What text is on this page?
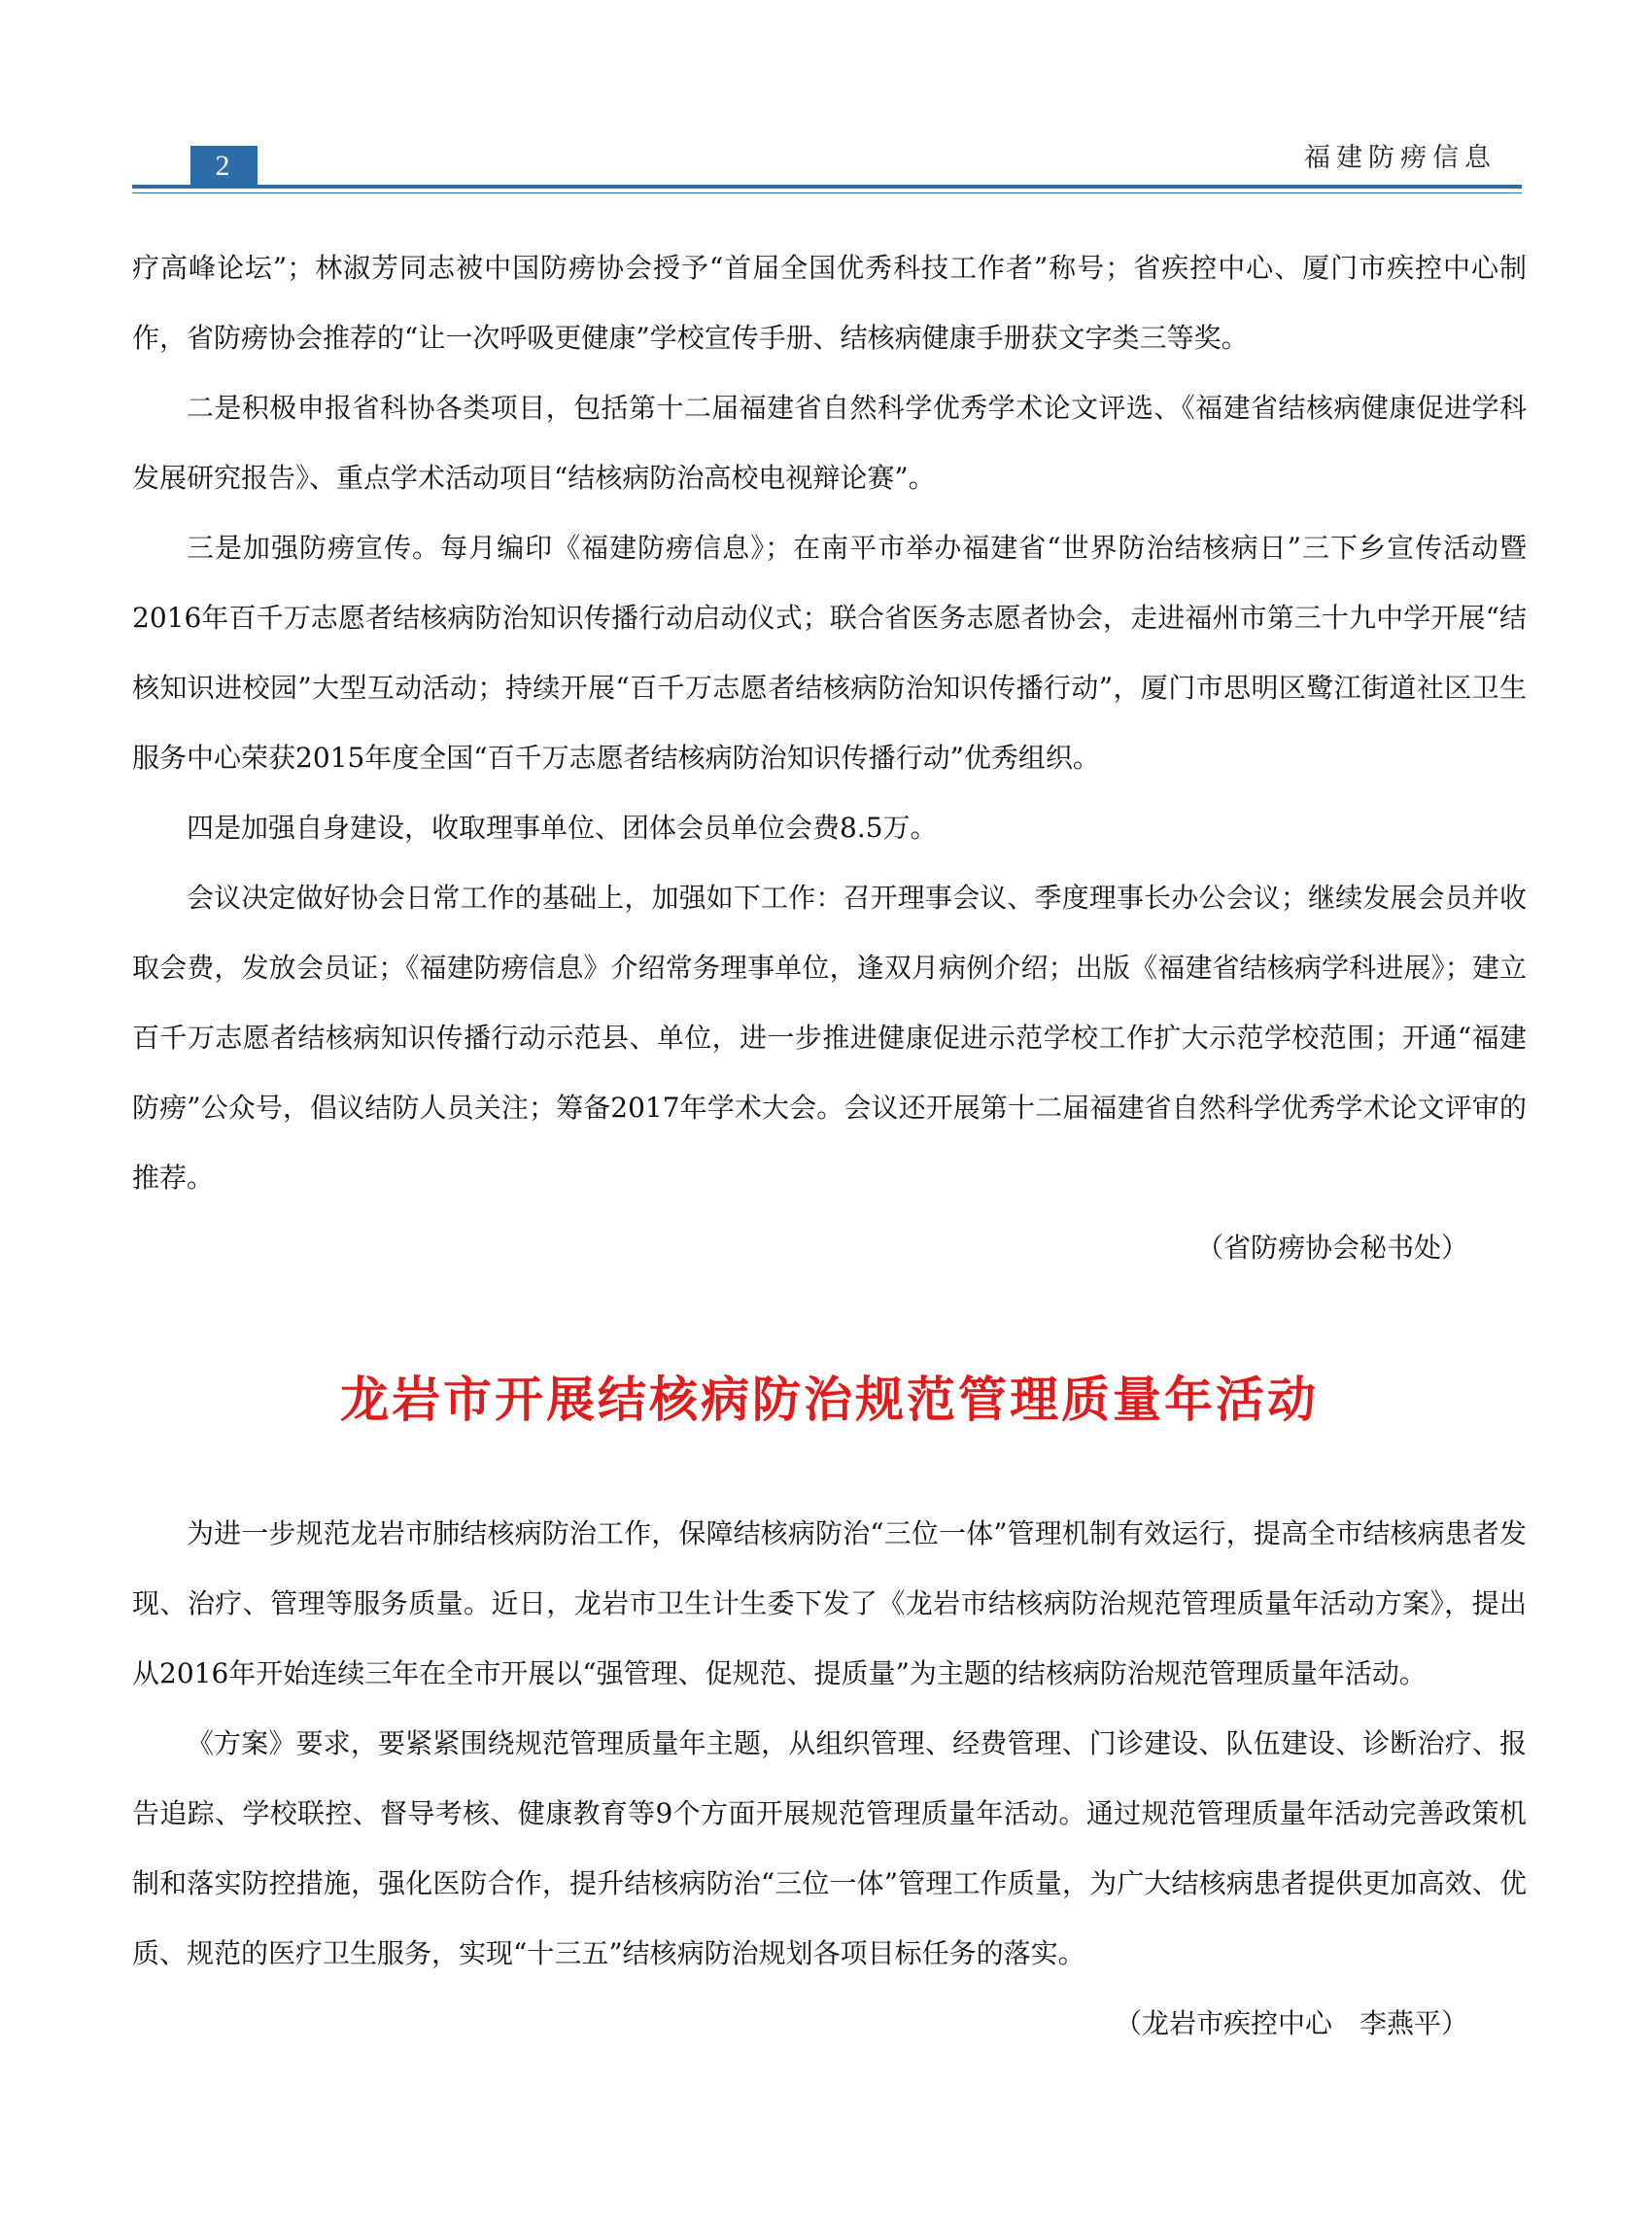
2	福建防痨信息

疗高峰论坛”；林淑芳同志被中国防痨协会授予“首届全国优秀科技工作者”称号；省疾控中心、厦门市疾控中心制作，省防痨协会推荐的“让一次呼吸更健康”学校宣传手册、结核病健康手册获文字类三等奖。

二是积极申报省科协各类项目，包括第十二届福建省自然科学优秀学术论文评选、《福建省结核病健康促进学科发展研究报告》、重点学术活动项目“结核病防治高校电视辩论赛”。

三是加强防痨宣传。每月编印《福建防痨信息》；在南平市举办福建省“世界防治结核病日”三下乡宣传活动暨2016年百千万志愿者结核病防治知识传播行动启动仪式；联合省医务志愿者协会，走进福州市第三十九中学开展“结核知识进校园”大型互动活动；持续开展“百千万志愿者结核病防治知识传播行动”，厦门市思明区鹭江街道社区卫生服务中心荣获2015年度全国“百千万志愿者结核病防治知识传播行动”优秀组织。

四是加强自身建设，收取理事单位、团体会员单位会费8.5万。

会议决定做好协会日常工作的基础上，加强如下工作：召开理事会议、季度理事长办公会议；继续发展会员并收取会费，发放会员证；《福建防痨信息》介绍常务理事单位，逢双月病例介绍；出版《福建省结核病学科进展》；建立百千万志愿者结核病知识传播行动示范县、单位，进一步推进健康促进示范学校工作扩大示范学校范围；开通“福建防痨”公众号，倡议结防人员关注；筹备2017年学术大会。会议还开展第十二届福建省自然科学优秀学术论文评审的推荐。

（省防痨协会秘书处）

龙岩市开展结核病防治规范管理质量年活动

为进一步规范龙岩市肺结核病防治工作，保障结核病防治“三位一体”管理机制有效运行，提高全市结核病患者发现、治疗、管理等服务质量。近日，龙岩市卫生计生委下发了《龙岩市结核病防治规范管理质量年活动方案》，提出从2016年开始连续三年在全市开展以“强管理、促规范、提质量”为主题的结核病防治规范管理质量年活动。

《方案》要求，要紧紧围绕规范管理质量年主题，从组织管理、经费管理、门诊建设、队伍建设、诊断治疗、报告追踪、学校联控、督导考核、健康教育等9个方面开展规范管理质量年活动。通过规范管理质量年活动完善政策机制和落实防控措施，强化医防合作，提升结核病防治“三位一体”管理工作质量，为广大结核病患者提供更加高效、优质、规范的医疗卫生服务，实现“十三五”结核病防治规划各项目标任务的落实。

（龙岩市疾控中心　李燕平）
